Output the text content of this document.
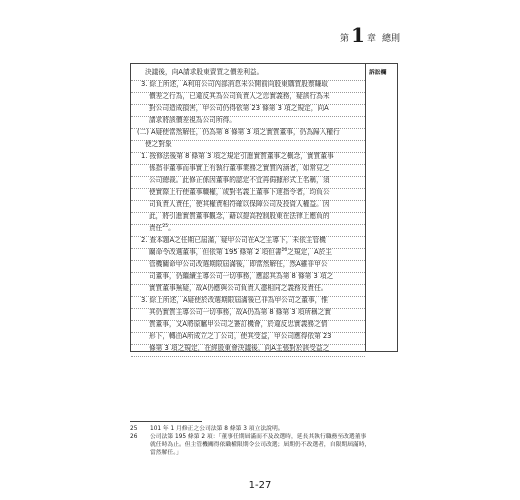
第 1 章 總則
訴訟欄
決議後，向A請求股東賣買之價差利益。
3. 綜上所述，A利用公司內部消息未公開前向股東購買股票賺取
價差之行為，已違反其為公司負責人之忠實義務，疑該行為未
對公司造成損害，甲公司仍得依第 23 條第 3 項之規定，向A
請求將該價差視為公司所得。
(二) A疑使當然解任，仍為第 8 條第 3 項之實質董事，仍為歸入權行
使之對象
1. 按修法後第 8 條第 3 項之規定引進實質董事之概念，實質董事
係指非董事而事實上有執行董事業務之實質內涵者，如常見之
公司總裁。此修正係因董事的認定不宜再侷據形式上名稱，須
使實際上行使董事職權，或對名義上董事下達指令者，均負公
司負責人責任，使其權責相符確以保障公司及投資人權益。因
此，將引進實質董事觀念，藉以提高控制股東在法律上應負的
責任$^{25}$。
2. 查本題A之任期已屆滿，疑甲公司在A之主導下，未依主管機
關命令改選董事，但依第 195 條第 2 項但書$^{26}$之規定，A於主
管機關命甲公司改選期限屆滿後，即當然解任，然A雖非甲公
司董事，仍繼續主導公司一切事務，應認其為第 8 條第 3 項之
實質董事無疑，故A仍應與公司負責人盡相同之義務及責任。
3. 綜上所述，A疑使於改選期限屆滿後已非為甲公司之董事，惟
其仍實質主導公司一切事務，故A仍為第 8 條第 3 項所稱之實
質董事，又A將原屬甲公司之簽訂機會，於違反忠實義務之情
形下，轉由A所成立之丁公司，使其受益，甲公司應得依第 23
條第 3 項之規定，在經股東會決議後，向A主張對於該受益之
25 101 年 1 月修正之公司法第 8 條第 3 項立法說明。
26 公司法第 195 條第 2 項：「董事任期屆滿而不及改選時，延長其執行職務至改選董事
就任時為止。但主管機關得依職權限期令公司改選；屆期仍不改選者，自限期屆滿時，
當然解任。」
1-27
